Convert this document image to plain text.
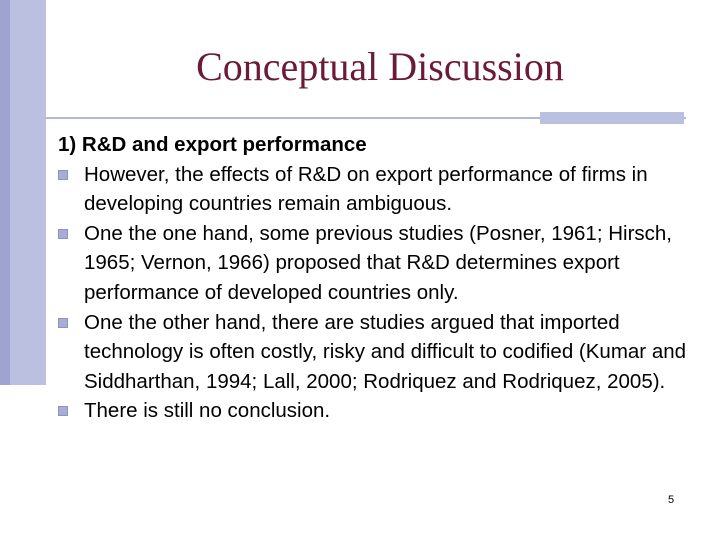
Conceptual Discussion
1) R&D and export performance
However, the effects of R&D on export performance of firms in developing countries remain ambiguous.
One the one hand, some previous studies (Posner, 1961; Hirsch, 1965; Vernon, 1966) proposed that R&D determines export performance of developed countries only.
One the other hand, there are studies argued that imported technology is often costly, risky and difficult to codified (Kumar and Siddharthan, 1994; Lall, 2000; Rodriquez and Rodriquez, 2005).
There is still no conclusion.
5
